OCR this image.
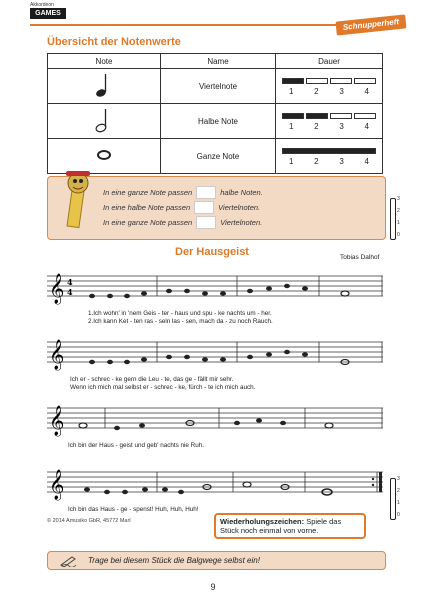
Akkordeon
GAMES
Schnupperheft
Übersicht der Notenwerte
Note	Name	Dauer
	Viertelnote	1 2 3 4

	Halbe Note	1 2 3 4

	Ganze Note	1 2 3 4
In eine ganze Note passen	halbe Noten.
In eine halbe Note passen	Viertelnoten.
In eine ganze Note passen	Viertelnoten.
3
2
1
0
Der Hausgeist	Tobias Dalhof
𝄞 4
4
1.Ich wohn' in 'nem Geis - ter - haus und spu - ke nachts um - her.
2.Ich kann Ket - ten ras - seln las - sen, mach da - zu noch Rauch.
𝄞
Ich er - schrec - ke gern die Leu - te, das ge - fällt mir sehr.
Wenn ich mich mal selbst er - schrec - ke, fürch - te ich mich auch.
𝄞
Ich bin der Haus - geist und geb' nachts nie Ruh.
𝄞
Ich bin das Haus - ge - spenst! Huh, Huh, Huh!
3
2
1
0
Wiederholungszeichen: Spiele das Stück noch einmal von vorne.
© 2014 Amusiko GbR, 45772 Marl
Trage bei diesem Stück die Balgwege selbst ein!
9
